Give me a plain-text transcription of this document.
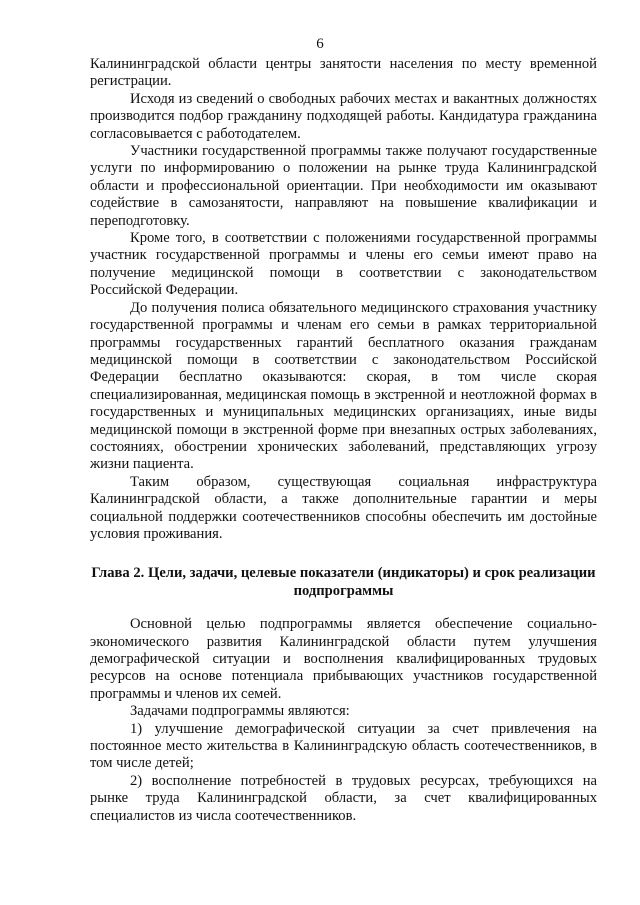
6

Калининградской области центры занятости населения по месту временной регистрации.

Исходя из сведений о свободных рабочих местах и вакантных должностях производится подбор гражданину подходящей работы. Кандидатура гражданина согласовывается с работодателем.

Участники государственной программы также получают государственные услуги по информированию о положении на рынке труда Калининградской области и профессиональной ориентации. При необходимости им оказывают содействие в самозанятости, направляют на повышение квалификации и переподготовку.

Кроме того, в соответствии с положениями государственной программы участник государственной программы и члены его семьи имеют право на получение медицинской помощи в соответствии с законодательством Российской Федерации.

До получения полиса обязательного медицинского страхования участнику государственной программы и членам его семьи в рамках территориальной программы государственных гарантий бесплатного оказания гражданам медицинской помощи в соответствии с законодательством Российской Федерации бесплатно оказываются: скорая, в том числе скорая специализированная, медицинская помощь в экстренной и неотложной формах в государственных и муниципальных медицинских организациях, иные виды медицинской помощи в экстренной форме при внезапных острых заболеваниях, состояниях, обострении хронических заболеваний, представляющих угрозу жизни пациента.

Таким образом, существующая социальная инфраструктура Калининградской области, а также дополнительные гарантии и меры социальной поддержки соотечественников способны обеспечить им достойные условия проживания.

Глава 2. Цели, задачи, целевые показатели (индикаторы) и срок реализации подпрограммы

Основной целью подпрограммы является обеспечение социально-экономического развития Калининградской области путем улучшения демографической ситуации и восполнения квалифицированных трудовых ресурсов на основе потенциала прибывающих участников государственной программы и членов их семей.

Задачами подпрограммы являются:

1) улучшение демографической ситуации за счет привлечения на постоянное место жительства в Калининградскую область соотечественников, в том числе детей;

2) восполнение потребностей в трудовых ресурсах, требующихся на рынке труда Калининградской области, за счет квалифицированных специалистов из числа соотечественников.
